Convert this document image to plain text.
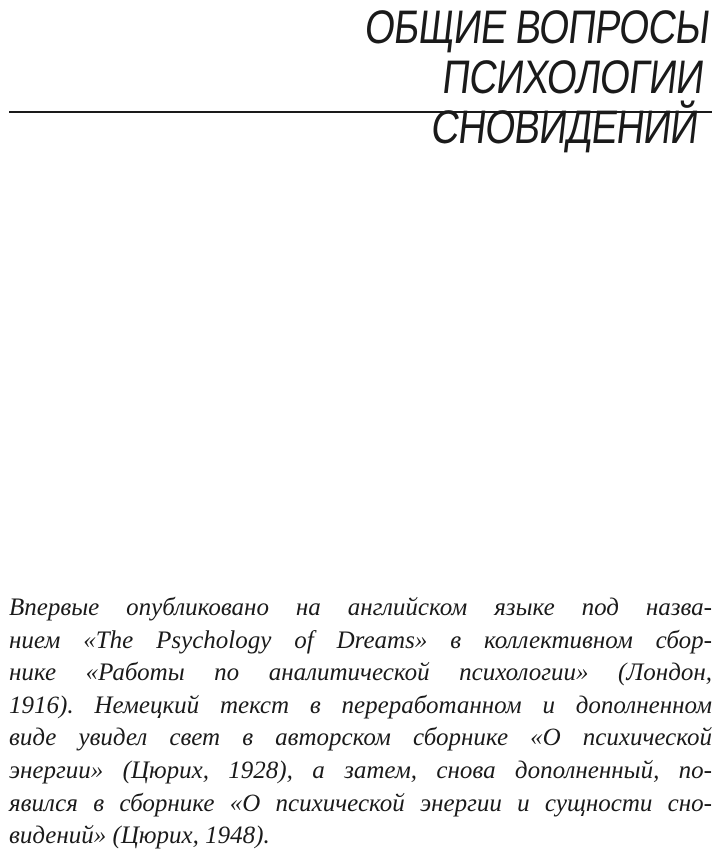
ОБЩИЕ ВОПРОСЫ ПСИХОЛОГИИ
СНОВИДЕНИЙ

Впервые опубликовано на английском языке под назва-
нием «The Psychology of Dreams» в коллективном сбор-
нике «Работы по аналитической психологии» (Лондон,
1916). Немецкий текст в переработанном и дополненном
виде увидел свет в авторском сборнике «О психической
энергии» (Цюрих, 1928), а затем, снова дополненный, по-
явился в сборнике «О психической энергии и сущности сно-
видений» (Цюрих, 1948).
